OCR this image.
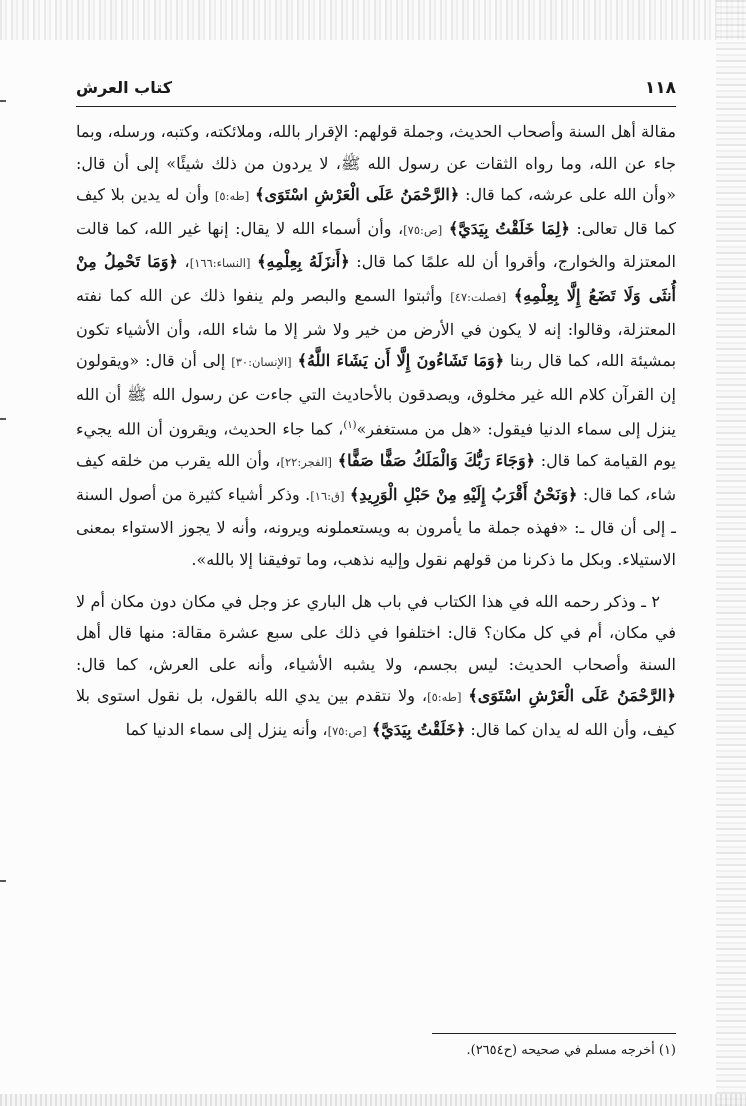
١١٨
كتاب العرش

مقالة أهل السنة وأصحاب الحديث، وجملة قولهم: الإقرار بالله، وملائكته، وكتبه، ورسله، وبما جاء عن الله، وما رواه الثقات عن رسول الله ﷺ، لا يردون من ذلك شيئًا» إلى أن قال: «وأن الله على عرشه، كما قال: ﴿الرَّحْمَنُ عَلَى الْعَرْشِ اسْتَوَى﴾ [طه:٥] وأن له يدين بلا كيف كما قال تعالى: ﴿لِمَا خَلَقْتُ بِيَدَيَّ﴾ [ص:٧٥]، وأن أسماء الله لا يقال: إنها غير الله، كما قالت المعتزلة والخوارج، وأقروا أن لله علمًا كما قال: ﴿أَنزَلَهُ بِعِلْمِهِ﴾ [النساء:١٦٦]، ﴿وَمَا تَحْمِلُ مِنْ أُنثَى وَلَا تَضَعُ إِلَّا بِعِلْمِهِ﴾ [فصلت:٤٧] وأثبتوا السمع والبصر ولم ينفوا ذلك عن الله كما نفته المعتزلة، وقالوا: إنه لا يكون في الأرض من خير ولا شر إلا ما شاء الله، وأن الأشياء تكون بمشيئة الله، كما قال ربنا ﴿وَمَا تَشَاءُونَ إِلَّا أَن يَشَاءَ اللَّهُ﴾ [الإنسان:٣٠] إلى أن قال: «ويقولون إن القرآن كلام الله غير مخلوق، ويصدقون بالأحاديث التي جاءت عن رسول الله ﷺ أن الله ينزل إلى سماء الدنيا فيقول: «هل من مستغفر»$^{(١)}$، كما جاء الحديث، ويقرون أن الله يجيء يوم القيامة كما قال: ﴿وَجَاءَ رَبُّكَ وَالْمَلَكُ صَفًّا صَفًّا﴾ [الفجر:٢٢]، وأن الله يقرب من خلقه كيف شاء، كما قال: ﴿وَنَحْنُ أَقْرَبُ إِلَيْهِ مِنْ حَبْلِ الْوَرِيدِ﴾ [ق:١٦]. وذكر أشياء كثيرة من أصول السنة ـ إلى أن قال ـ: «فهذه جملة ما يأمرون به ويستعملونه ويرونه، وأنه لا يجوز الاستواء بمعنى الاستيلاء. وبكل ما ذكرنا من قولهم نقول وإليه نذهب، وما توفيقنا إلا بالله».

٢ ـ وذكر رحمه الله في هذا الكتاب في باب هل الباري عز وجل في مكان دون مكان أم لا في مكان، أم في كل مكان؟ قال: اختلفوا في ذلك على سبع عشرة مقالة: منها قال أهل السنة وأصحاب الحديث: ليس بجسم، ولا يشبه الأشياء، وأنه على العرش، كما قال: ﴿الرَّحْمَنُ عَلَى الْعَرْشِ اسْتَوَى﴾ [طه:٥]، ولا نتقدم بين يدي الله بالقول، بل نقول استوى بلا كيف، وأن الله له يدان كما قال: ﴿خَلَقْتُ بِيَدَيَّ﴾ [ص:٧٥]، وأنه ينزل إلى سماء الدنيا كما

(١) أخرجه مسلم في صحيحه (ح٢٦٥٤).
